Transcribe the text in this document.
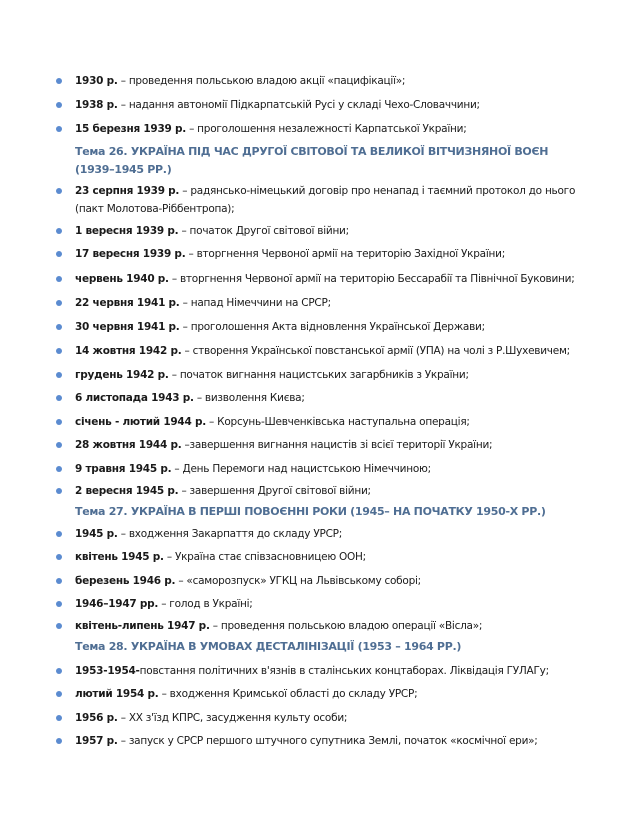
1930 р. – проведення польською владою акції «пацифікації»;
1938 р. – надання автономії Підкарпатській Русі у складі Чехо-Словаччини;
15 березня 1939 р. – проголошення незалежності Карпатської України;
Тема 26. УКРАЇНА ПІД ЧАС ДРУГОЇ СВІТОВОЇ ТА ВЕЛИКОЇ ВІТЧИЗНЯНОЇ ВОЄН
(1939–1945 РР.)
23 серпня 1939 р. – радянсько-німецький договір про ненапад і таємний протокол до нього
(пакт Молотова-Ріббентропа);
1 вересня 1939 р. – початок Другої світової війни;
17 вересня 1939 р. – вторгнення Червоної армії на територію Західної України;
червень 1940 р. – вторгнення Червоної армії на територію Бессарабії та Північної Буковини;
22 червня 1941 р. – напад Німеччини на СРСР;
30 червня 1941 р. – проголошення Акта відновлення Української Держави;
14 жовтня 1942 р. – створення Української повстанської армії (УПА) на чолі з Р.Шухевичем;
грудень 1942 р. – початок вигнання нацистських загарбників з України;
6 листопада 1943 р. – визволення Києва;
січень - лютий 1944 р. – Корсунь-Шевченківська наступальна операція;
28 жовтня 1944 р. –завершення вигнання нацистів зі всієї території України;
9 травня 1945 р. – День Перемоги над нацистською Німеччиною;
2 вересня 1945 р. – завершення Другої світової війни;
Тема 27. УКРАЇНА В ПЕРШІ ПОВОЄННІ РОКИ (1945– НА ПОЧАТКУ 1950-Х РР.)
1945 р. – входження Закарпаття до складу УРСР;
квітень 1945 р. – Україна стає співзасновницею ООН;
березень 1946 р. – «саморозпуск» УГКЦ на Львівському соборі;
1946–1947 рр. – голод в Україні;
квітень-липень 1947 р. – проведення польською владою операції «Вісла»;
Тема 28. УКРАЇНА В УМОВАХ ДЕСТАЛІНІЗАЦІЇ (1953 – 1964 РР.)
1953-1954-повстання політичних в'язнів в сталінських концтаборах. Ліквідація ГУЛАГу;
лютий 1954 р. – входження Кримської області до складу УРСР;
1956 р. – ХХ з'їзд КПРС, засудження культу особи;
1957 р. – запуск у СРСР першого штучного супутника Землі, початок «космічної ери»;
